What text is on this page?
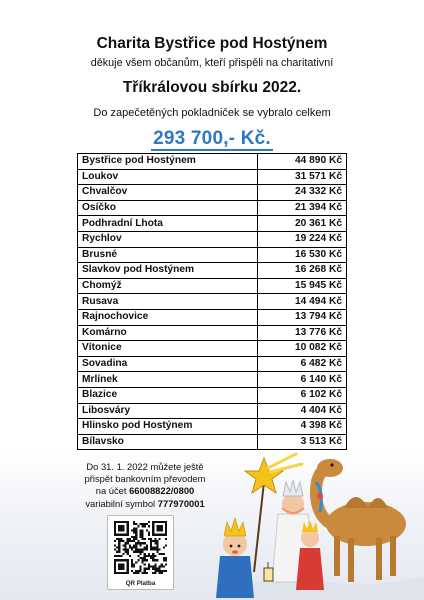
Charita Bystřice pod Hostýnem
děkuje všem občanům, kteří přispěli na charitativní
Tříkrálovou sbírku 2022.
Do zapečetěných pokladniček se vybralo celkem
293 700,- Kč.
Bystřice pod Hostýnem	44 890 Kč
Loukov	31 571 Kč
Chvalčov	24 332 Kč
Osíčko	21 394 Kč
Podhradní Lhota	20 361 Kč
Rychlov	19 224 Kč
Brusné	16 530 Kč
Slavkov pod Hostýnem	16 268 Kč
Chomýž	15 945 Kč
Rusava	14 494 Kč
Rajnochovice	13 794 Kč
Komárno	13 776 Kč
Vítonice	10 082 Kč
Sovadina	6 482 Kč
Mrlínek	6 140 Kč
Blazice	6 102 Kč
Libosváry	4 404 Kč
Hlinsko pod Hostýnem	4 398 Kč
Bílavsko	3 513 Kč
Do 31. 1. 2022 můžete ještě
přispět bankovním převodem
na účet 66008822/0800
variabilní symbol 777970001
QR Platba
